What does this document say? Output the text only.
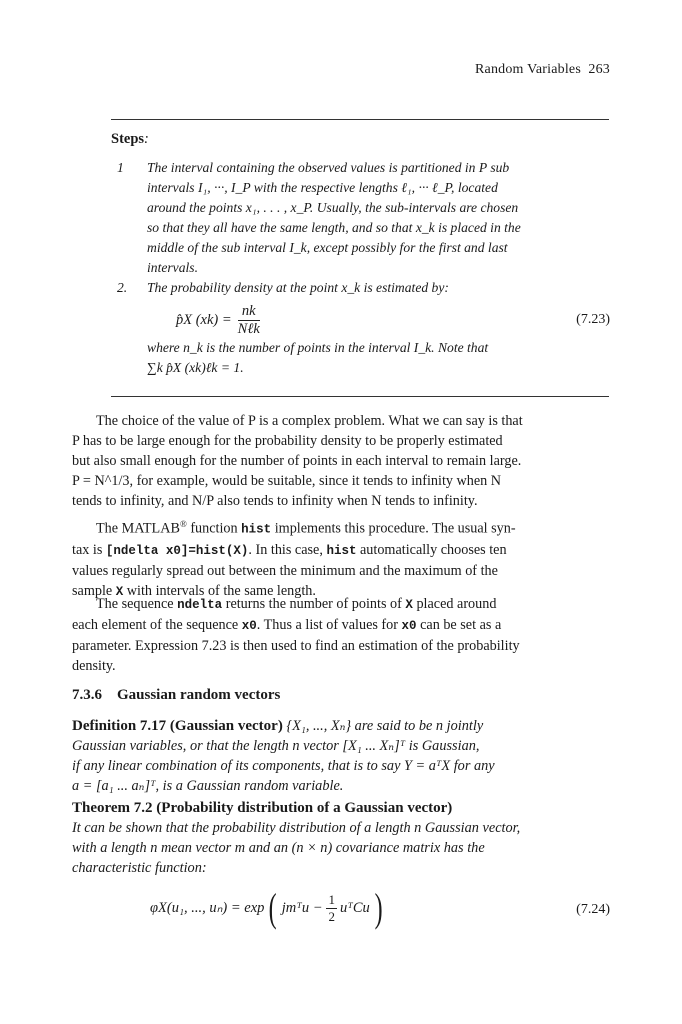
Random Variables 263
Steps:
1 The interval containing the observed values is partitioned in P sub
intervals I₁, ···, I_P with the respective lengths ℓ₁, ··· ℓ_P, located
around the points x₁, . . . , x_P. Usually, the sub-intervals are chosen
so that they all have the same length, and so that x_k is placed in the
middle of the sub interval I_k, except possibly for the first and last
intervals.
2. The probability density at the point x_k is estimated by:
p̂X $(xk) = \frac{nk}{\text{Nℓk}}$	(7.23)
where n_k is the number of points in the interval I_k. Note that
∑k p̂X (xk)ℓk = 1.
The choice of the value of P is a complex problem. What we can say is that
P has to be large enough for the probability density to be properly estimated
but also small enough for the number of points in each interval to remain large.
P = N^1/3, for example, would be suitable, since it tends to infinity when N
tends to infinity, and N/P also tends to infinity when N tends to infinity.
The MATLAB® function hist implements this procedure. The usual syn-
tax is [ndelta x0]=hist(X). In this case, hist automatically chooses ten
values regularly spread out between the minimum and the maximum of the
sample X with intervals of the same length.
The sequence ndelta returns the number of points of X placed around
each element of the sequence x0. Thus a list of values for x0 can be set as a
parameter. Expression 7.23 is then used to find an estimation of the probability
density.
7.3.6 Gaussian random vectors
Definition 7.17 (Gaussian vector) {X₁, ..., Xₙ} are said to be n jointly
Gaussian variables, or that the length n vector [X₁ ... Xₙ]ᵀ is Gaussian,
if any linear combination of its components, that is to say Y = aᵀX for any
a = [a₁ ... aₙ]ᵀ, is a Gaussian random variable.
Theorem 7.2 (Probability distribution of a Gaussian vector)
It can be shown that the probability distribution of a length n Gaussian vector,
with a length n mean vector m and an (n × n) covariance matrix has the
characteristic function:
φX(u₁, ..., uₙ) = exp ( jmᵀu − $\frac{1}{2}$ uᵀCu )	(7.24)
